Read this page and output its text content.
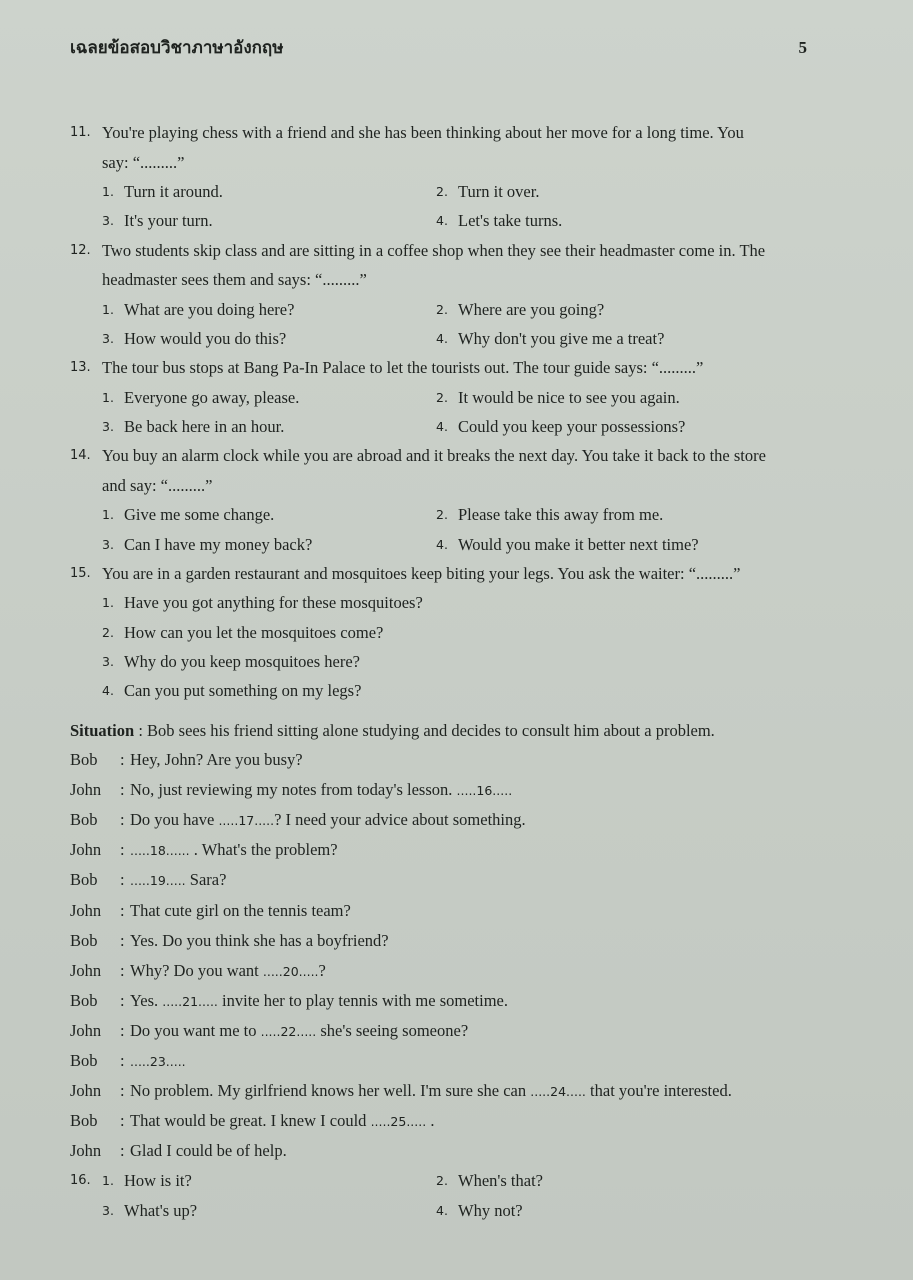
เฉลยข้อสอบวิชาภาษาอังกฤษ	5
11. You're playing chess with a friend and she has been thinking about her move for a long time. You
say: “.........”
1. Turn it around.	2. Turn it over.
3. It's your turn.	4. Let's take turns.
12. Two students skip class and are sitting in a coffee shop when they see their headmaster come in. The
headmaster sees them and says: “.........”
1. What are you doing here?	2. Where are you going?
3. How would you do this?	4. Why don't you give me a treat?
13. The tour bus stops at Bang Pa-In Palace to let the tourists out. The tour guide says: “.........”
1. Everyone go away, please.	2. It would be nice to see you again.
3. Be back here in an hour.	4. Could you keep your possessions?
14. You buy an alarm clock while you are abroad and it breaks the next day. You take it back to the store
and say: “.........”
1. Give me some change.	2. Please take this away from me.
3. Can I have my money back?	4. Would you make it better next time?
15. You are in a garden restaurant and mosquitoes keep biting your legs. You ask the waiter: “.........”
1. Have you got anything for these mosquitoes?
2. How can you let the mosquitoes come?
3. Why do you keep mosquitoes here?
4. Can you put something on my legs?
Situation : Bob sees his friend sitting alone studying and decides to consult him about a problem.
Bob	: Hey, John? Are you busy?
John	: No, just reviewing my notes from today's lesson. .....16.....
Bob	: Do you have .....17.....? I need your advice about something.
John	: .....18...... . What's the problem?
Bob	: .....19..... Sara?
John	: That cute girl on the tennis team?
Bob	: Yes. Do you think she has a boyfriend?
John	: Why? Do you want .....20.....?
Bob	: Yes. .....21..... invite her to play tennis with me sometime.
John	: Do you want me to .....22..... she's seeing someone?
Bob	: .....23.....
John	: No problem. My girlfriend knows her well. I'm sure she can .....24..... that you're interested.
Bob	: That would be great. I knew I could .....25..... .
John	: Glad I could be of help.
16. 1. How is it?	2. When's that?
3. What's up?	4. Why not?
